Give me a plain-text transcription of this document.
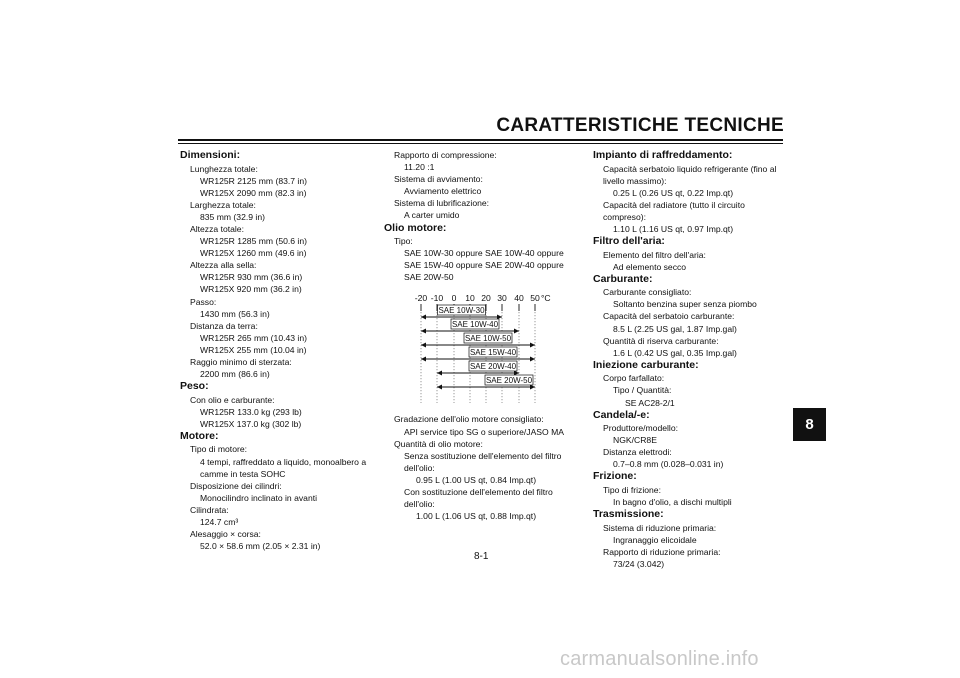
CARATTERISTICHE TECNICHE
8
8-1
carmanualsonline.info
Dimensioni:
Lunghezza totale:
WR125R 2125 mm (83.7 in)
WR125X 2090 mm (82.3 in)
Larghezza totale:
835 mm (32.9 in)
Altezza totale:
WR125R 1285 mm (50.6 in)
WR125X 1260 mm (49.6 in)
Altezza alla sella:
WR125R 930 mm (36.6 in)
WR125X 920 mm (36.2 in)
Passo:
1430 mm (56.3 in)
Distanza da terra:
WR125R 265 mm (10.43 in)
WR125X 255 mm (10.04 in)
Raggio minimo di sterzata:
2200 mm (86.6 in)
Peso:
Con olio e carburante:
WR125R 133.0 kg (293 lb)
WR125X 137.0 kg (302 lb)
Motore:
Tipo di motore:
4 tempi, raffreddato a liquido, monoalbero a
camme in testa SOHC
Disposizione dei cilindri:
Monocilindro inclinato in avanti
Cilindrata:
124.7 cm³
Alesaggio × corsa:
52.0 × 58.6 mm (2.05 × 2.31 in)
Rapporto di compressione:
11.20 :1
Sistema di avviamento:
Avviamento elettrico
Sistema di lubrificazione:
A carter umido
Olio motore:
Tipo:
SAE 10W-30 oppure SAE 10W-40 oppure
SAE 15W-40 oppure SAE 20W-40 oppure
SAE 20W-50
-20 -10 0 10 20 30 40 50 °C
SAE 10W-30
SAE 10W-40
SAE 10W-50
SAE 15W-40
SAE 20W-40
SAE 20W-50
Gradazione dell'olio motore consigliato:
API service tipo SG o superiore/JASO MA
Quantità di olio motore:
Senza sostituzione dell'elemento del filtro
dell'olio:
0.95 L (1.00 US qt, 0.84 Imp.qt)
Con sostituzione dell'elemento del filtro
dell'olio:
1.00 L (1.06 US qt, 0.88 Imp.qt)
Impianto di raffreddamento:
Capacità serbatoio liquido refrigerante (fino al
livello massimo):
0.25 L (0.26 US qt, 0.22 Imp.qt)
Capacità del radiatore (tutto il circuito
compreso):
1.10 L (1.16 US qt, 0.97 Imp.qt)
Filtro dell'aria:
Elemento del filtro dell'aria:
Ad elemento secco
Carburante:
Carburante consigliato:
Soltanto benzina super senza piombo
Capacità del serbatoio carburante:
8.5 L (2.25 US gal, 1.87 Imp.gal)
Quantità di riserva carburante:
1.6 L (0.42 US gal, 0.35 Imp.gal)
Iniezione carburante:
Corpo farfallato:
Tipo / Quantità:
SE AC28-2/1
Candela/-e:
Produttore/modello:
NGK/CR8E
Distanza elettrodi:
0.7–0.8 mm (0.028–0.031 in)
Frizione:
Tipo di frizione:
In bagno d'olio, a dischi multipli
Trasmissione:
Sistema di riduzione primaria:
Ingranaggio elicoidale
Rapporto di riduzione primaria:
73/24 (3.042)
